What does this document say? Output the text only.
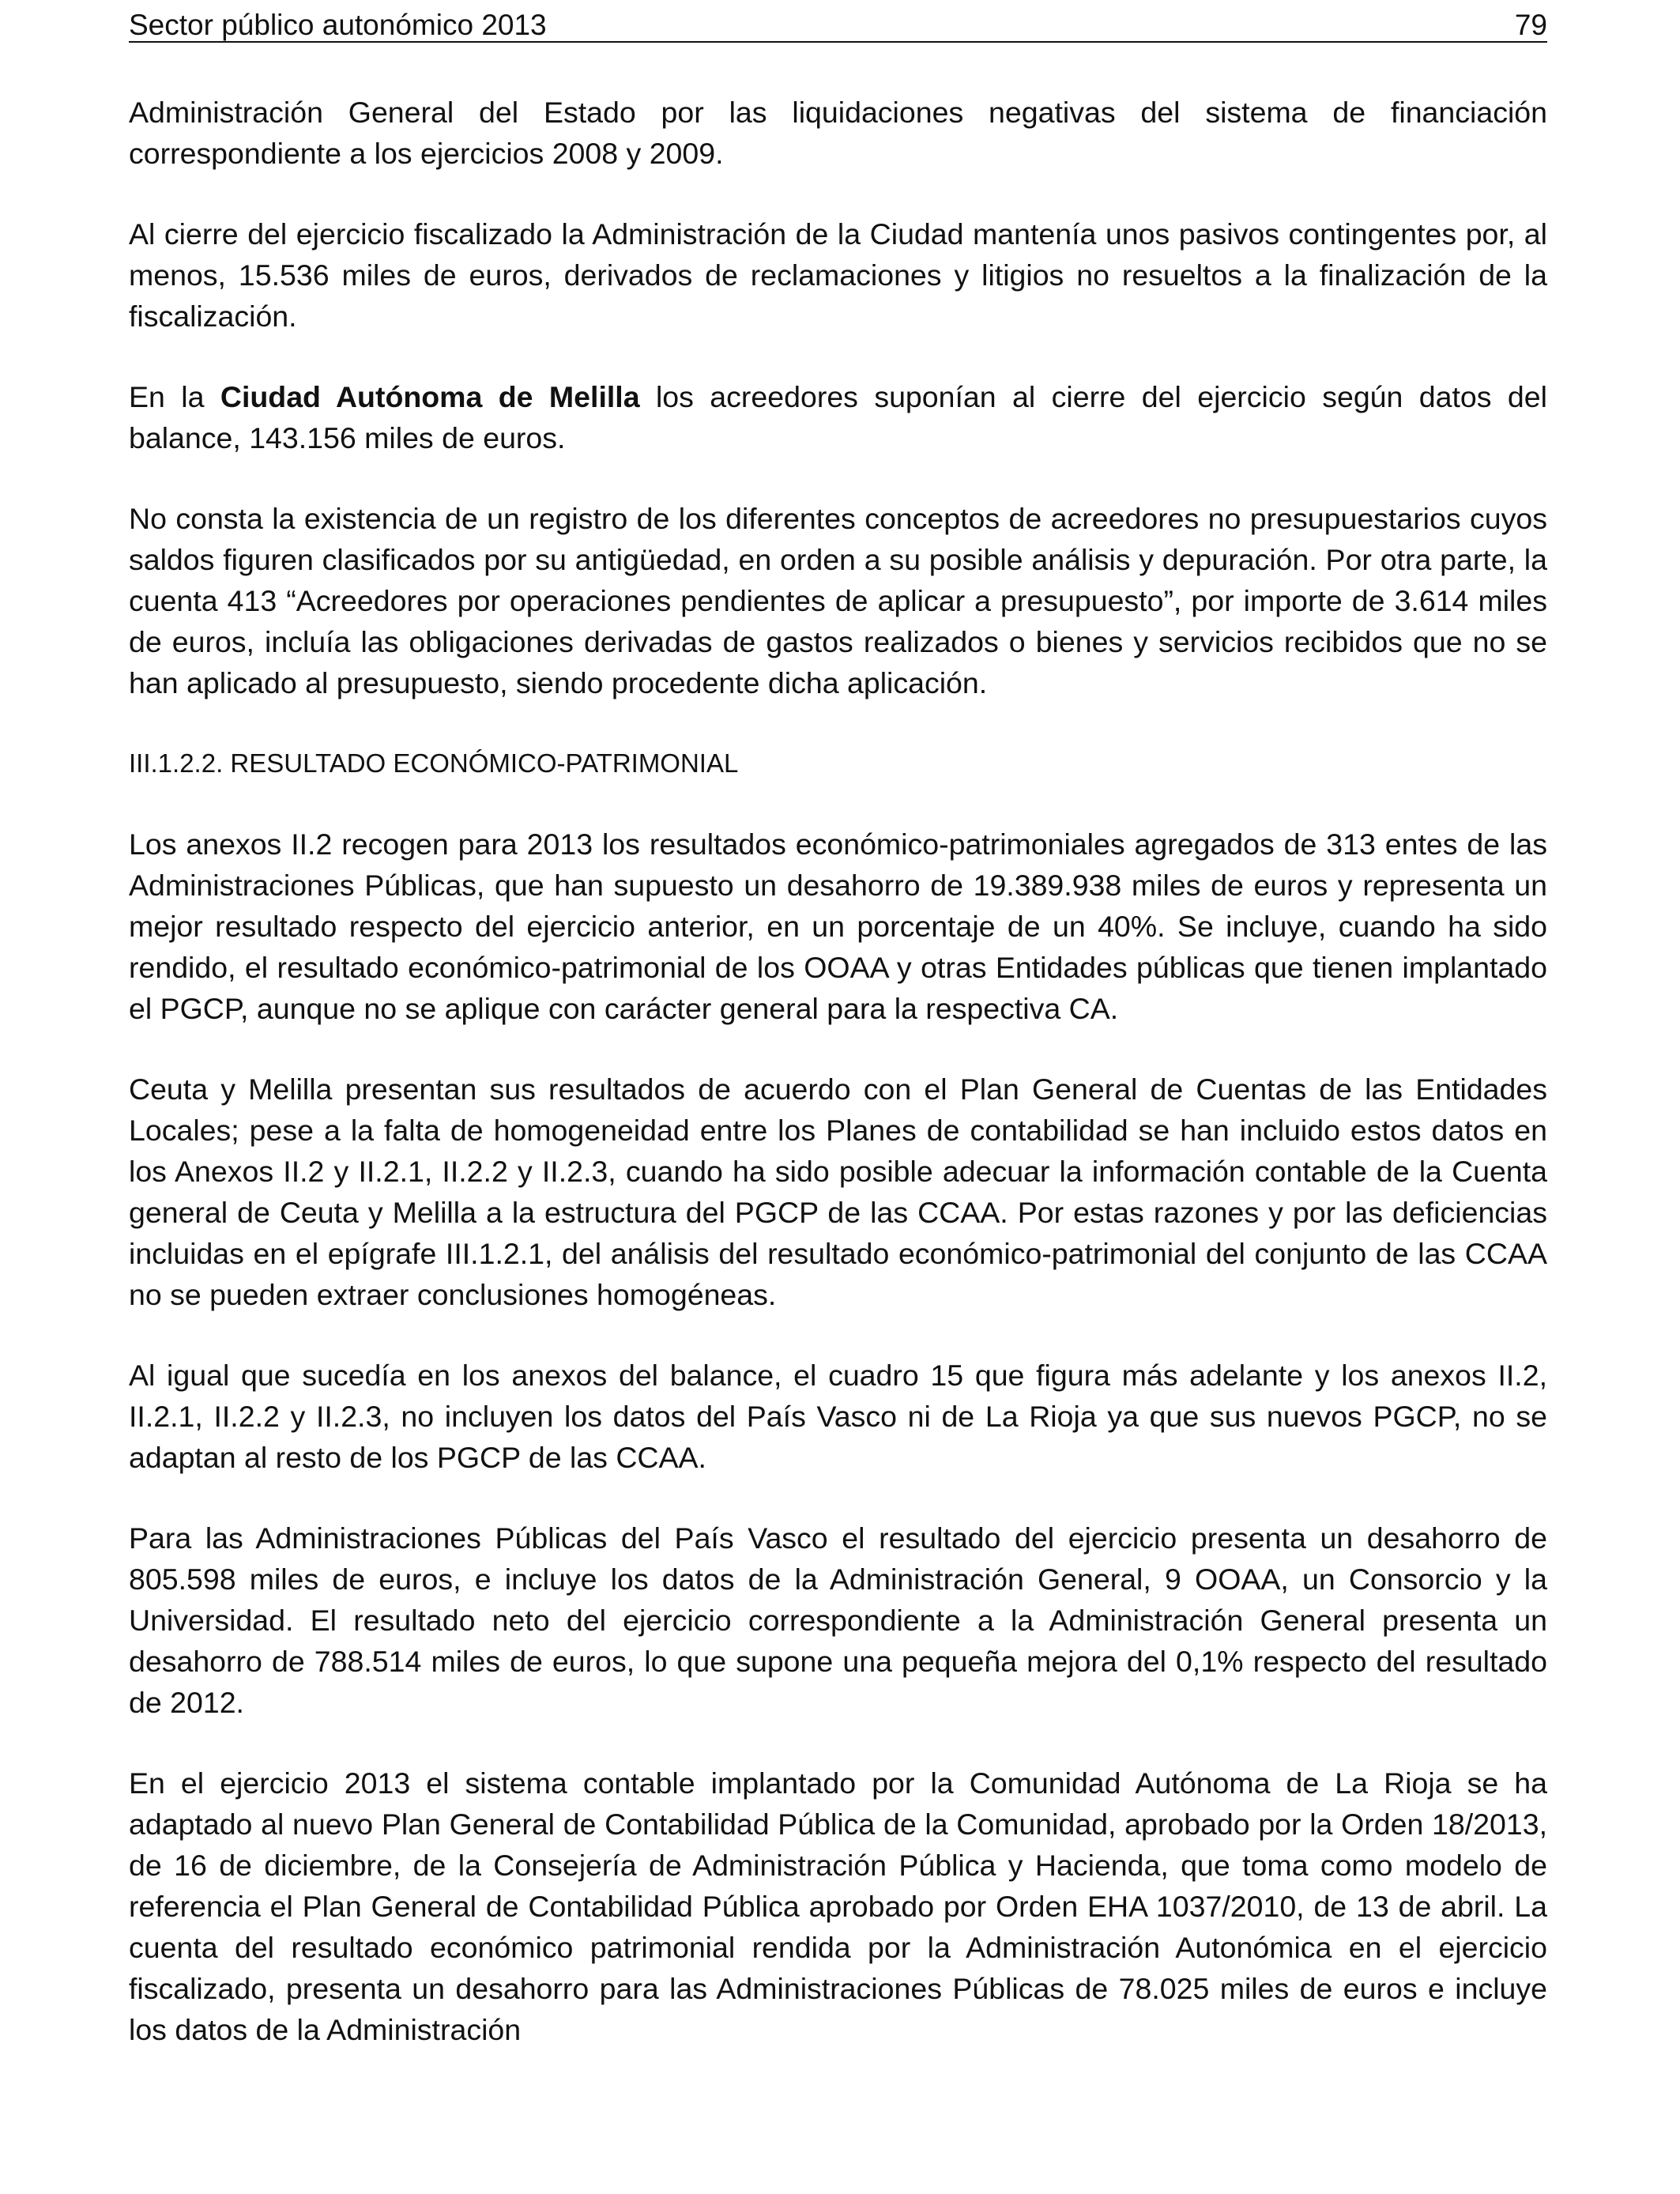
Sector público autonómico 2013	79

Administración General del Estado por las liquidaciones negativas del sistema de financiación correspondiente a los ejercicios 2008 y 2009.

Al cierre del ejercicio fiscalizado la Administración de la Ciudad mantenía unos pasivos contingentes por, al menos, 15.536 miles de euros, derivados de reclamaciones y litigios no resueltos a la finalización de la fiscalización.

En la Ciudad Autónoma de Melilla los acreedores suponían al cierre del ejercicio según datos del balance, 143.156 miles de euros.

No consta la existencia de un registro de los diferentes conceptos de acreedores no presupuestarios cuyos saldos figuren clasificados por su antigüedad, en orden a su posible análisis y depuración. Por otra parte, la cuenta 413 “Acreedores por operaciones pendientes de aplicar a presupuesto”, por importe de 3.614 miles de euros, incluía las obligaciones derivadas de gastos realizados o bienes y servicios recibidos que no se han aplicado al presupuesto, siendo procedente dicha aplicación.

III.1.2.2. RESULTADO ECONÓMICO-PATRIMONIAL

Los anexos II.2 recogen para 2013 los resultados económico-patrimoniales agregados de 313 entes de las Administraciones Públicas, que han supuesto un desahorro de 19.389.938 miles de euros y representa un mejor resultado respecto del ejercicio anterior, en un porcentaje de un 40%. Se incluye, cuando ha sido rendido, el resultado económico-patrimonial de los OOAA y otras Entidades públicas que tienen implantado el PGCP, aunque no se aplique con carácter general para la respectiva CA.

Ceuta y Melilla presentan sus resultados de acuerdo con el Plan General de Cuentas de las Entidades Locales; pese a la falta de homogeneidad entre los Planes de contabilidad se han incluido estos datos en los Anexos II.2 y II.2.1, II.2.2 y II.2.3, cuando ha sido posible adecuar la información contable de la Cuenta general de Ceuta y Melilla a la estructura del PGCP de las CCAA. Por estas razones y por las deficiencias incluidas en el epígrafe III.1.2.1, del análisis del resultado económico-patrimonial del conjunto de las CCAA no se pueden extraer conclusiones homogéneas.

Al igual que sucedía en los anexos del balance, el cuadro 15 que figura más adelante y los anexos II.2, II.2.1, II.2.2 y II.2.3, no incluyen los datos del País Vasco ni de La Rioja ya que sus nuevos PGCP, no se adaptan al resto de los PGCP de las CCAA.

Para las Administraciones Públicas del País Vasco el resultado del ejercicio presenta un desahorro de 805.598 miles de euros, e incluye los datos de la Administración General, 9 OOAA, un Consorcio y la Universidad. El resultado neto del ejercicio correspondiente a la Administración General presenta un desahorro de 788.514 miles de euros, lo que supone una pequeña mejora del 0,1% respecto del resultado de 2012.

En el ejercicio 2013 el sistema contable implantado por la Comunidad Autónoma de La Rioja se ha adaptado al nuevo Plan General de Contabilidad Pública de la Comunidad, aprobado por la Orden 18/2013, de 16 de diciembre, de la Consejería de Administración Pública y Hacienda, que toma como modelo de referencia el Plan General de Contabilidad Pública aprobado por Orden EHA 1037/2010, de 13 de abril. La cuenta del resultado económico patrimonial rendida por la Administración Autonómica en el ejercicio fiscalizado, presenta un desahorro para las Administraciones Públicas de 78.025 miles de euros e incluye los datos de la Administración
